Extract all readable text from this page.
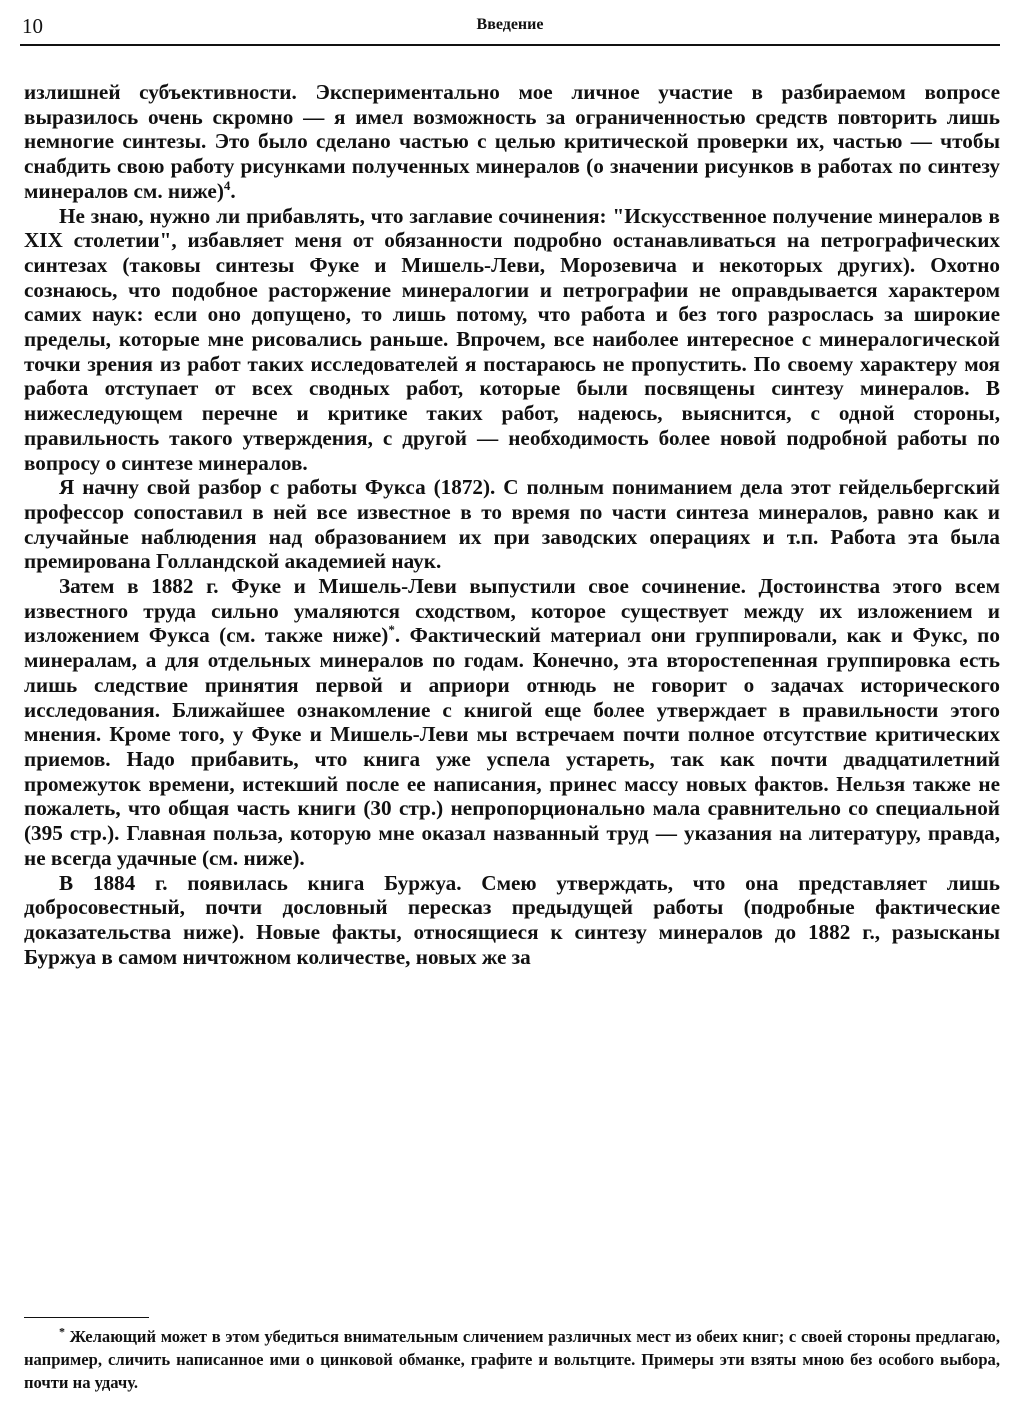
10	Введение

излишней субъективности. Экспериментально мое личное участие в разбираемом вопросе выразилось очень скромно — я имел возможность за ограниченностью средств повторить лишь немногие синтезы. Это было сделано частью с целью критической проверки их, частью — чтобы снабдить свою работу рисунками полученных минералов (о значении рисунков в работах по синтезу минералов см. ниже)$^4$.

Не знаю, нужно ли прибавлять, что заглавие сочинения: "Искусственное получение минералов в XIX столетии", избавляет меня от обязанности подробно останавливаться на петрографических синтезах (таковы синтезы Фуке и Мишель-Леви, Морозевича и некоторых других). Охотно сознаюсь, что подобное расторжение минералогии и петрографии не оправдывается характером самих наук: если оно допущено, то лишь потому, что работа и без того разрослась за широкие пределы, которые мне рисовались раньше. Впрочем, все наиболее интересное с минералогической точки зрения из работ таких исследователей я постараюсь не пропустить. По своему характеру моя работа отступает от всех сводных работ, которые были посвящены синтезу минералов. В нижеследующем перечне и критике таких работ, надеюсь, выяснится, с одной стороны, правильность такого утверждения, с другой — необходимость более новой подробной работы по вопросу о синтезе минералов.

Я начну свой разбор с работы Фукса (1872). С полным пониманием дела этот гейдельбергский профессор сопоставил в ней все известное в то время по части синтеза минералов, равно как и случайные наблюдения над образованием их при заводских операциях и т.п. Работа эта была премирована Голландской академией наук.

Затем в 1882 г. Фуке и Мишель-Леви выпустили свое сочинение. Достоинства этого всем известного труда сильно умаляются сходством, которое существует между их изложением и изложением Фукса (см. также ниже)*. Фактический материал они группировали, как и Фукс, по минералам, а для отдельных минералов по годам. Конечно, эта второстепенная группировка есть лишь следствие принятия первой и априори отнюдь не говорит о задачах исторического исследования. Ближайшее ознакомление с книгой еще более утверждает в правильности этого мнения. Кроме того, у Фуке и Мишель-Леви мы встречаем почти полное отсутствие критических приемов. Надо прибавить, что книга уже успела устареть, так как почти двадцатилетний промежуток времени, истекший после ее написания, принес массу новых фактов. Нельзя также не пожалеть, что общая часть книги (30 стр.) непропорционально мала сравнительно со специальной (395 стр.). Главная польза, которую мне оказал названный труд — указания на литературу, правда, не всегда удачные (см. ниже).

В 1884 г. появилась книга Буржуа. Смею утверждать, что она представляет лишь добросовестный, почти дословный пересказ предыдущей работы (подробные фактические доказательства ниже). Новые факты, относящиеся к синтезу минералов до 1882 г., разысканы Буржуа в самом ничтожном количестве, новых же за

* Желающий может в этом убедиться внимательным сличением различных мест из обеих книг; с своей стороны предлагаю, например, сличить написанное ими о цинковой обманке, графите и вольтците. Примеры эти взяты мною без особого выбора, почти на удачу.
